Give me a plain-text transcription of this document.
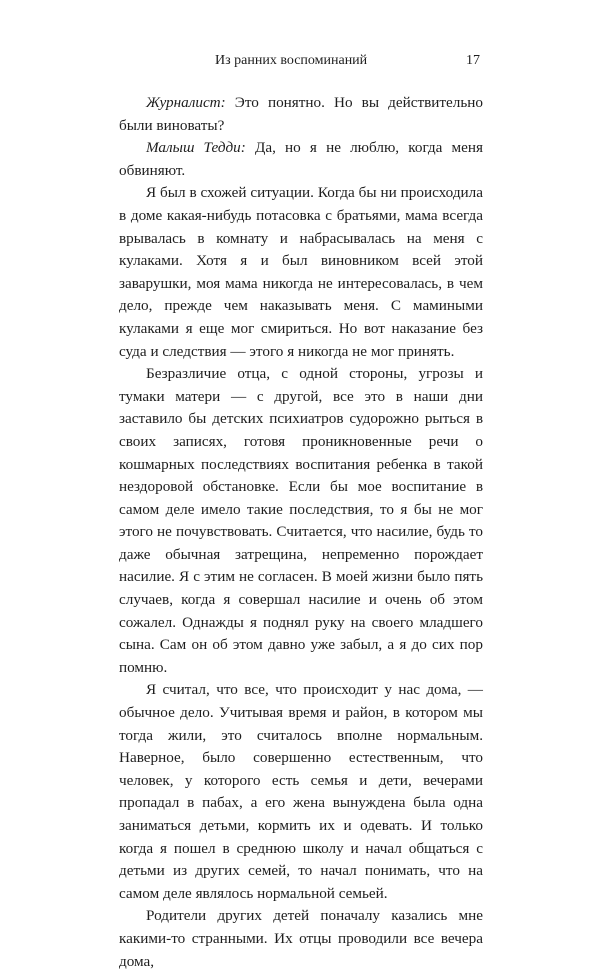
Из ранних воспоминаний	17

Журналист: Это понятно. Но вы действительно были виноваты?

Малыш Тедди: Да, но я не люблю, когда меня обвиняют.

Я был в схожей ситуации. Когда бы ни происходила в доме какая-нибудь потасовка с братьями, мама всегда врывалась в комнату и набрасывалась на меня с кулаками. Хотя я и был виновником всей этой заварушки, моя мама никогда не интересовалась, в чем дело, прежде чем наказывать меня. С мамиными кулаками я еще мог смириться. Но вот наказание без суда и следствия — этого я никогда не мог принять.

Безразличие отца, с одной стороны, угрозы и тумаки матери — с другой, все это в наши дни заставило бы детских психиатров судорожно рыться в своих записях, готовя проникновенные речи о кошмарных последствиях воспитания ребенка в такой нездоровой обстановке. Если бы мое воспитание в самом деле имело такие последствия, то я бы не мог этого не почувствовать. Считается, что насилие, будь то даже обычная затрещина, непременно порождает насилие. Я с этим не согласен. В моей жизни было пять случаев, когда я совершал насилие и очень об этом сожалел. Однажды я поднял руку на своего младшего сына. Сам он об этом давно уже забыл, а я до сих пор помню.

Я считал, что все, что происходит у нас дома, — обычное дело. Учитывая время и район, в котором мы тогда жили, это считалось вполне нормальным. Наверное, было совершенно естественным, что человек, у которого есть семья и дети, вечерами пропадал в пабах, а его жена вынуждена была одна заниматься детьми, кормить их и одевать. И только когда я пошел в среднюю школу и начал общаться с детьми из других семей, то начал понимать, что на самом деле являлось нормальной семьей.

Родители других детей поначалу казались мне какими-то странными. Их отцы проводили все вечера дома,
